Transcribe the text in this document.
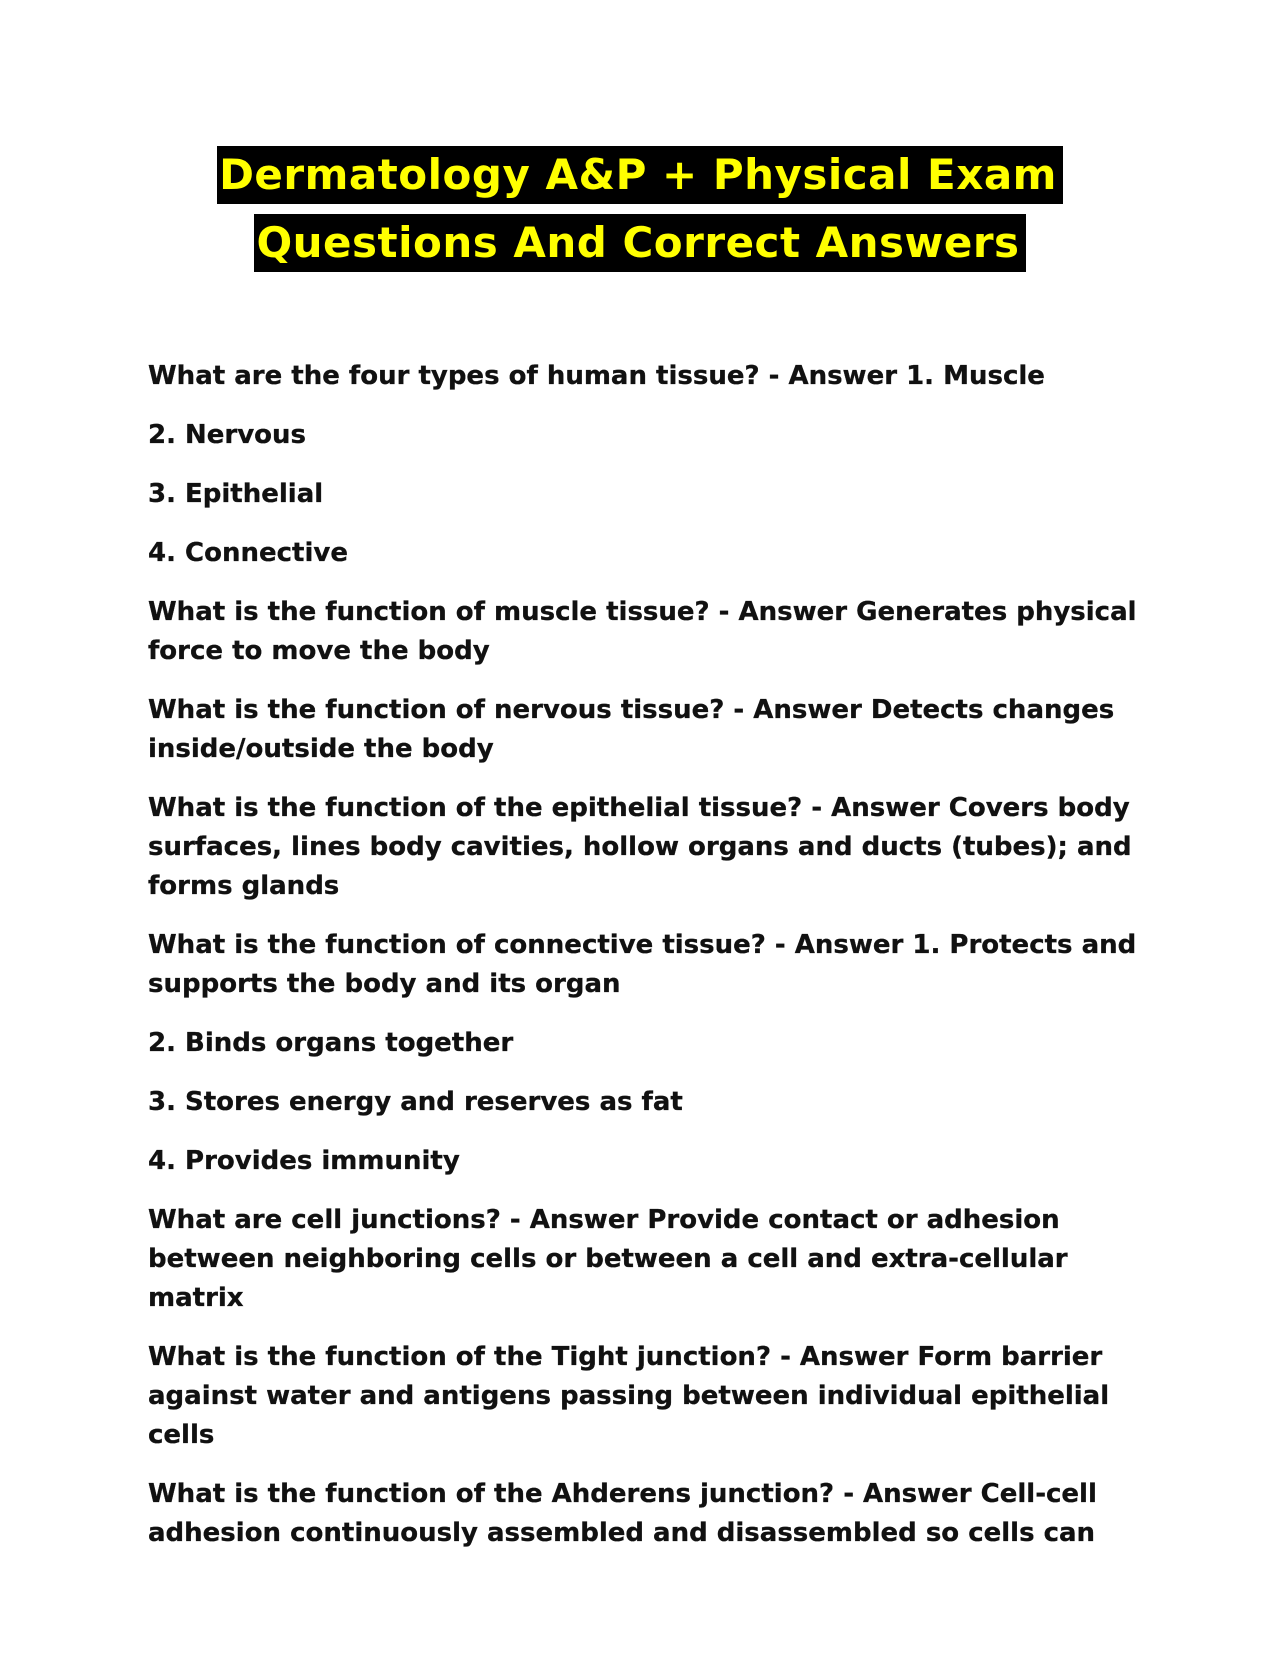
Dermatology A&P + Physical Exam
Questions And Correct Answers

What are the four types of human tissue? - Answer 1. Muscle

2. Nervous

3. Epithelial

4. Connective

What is the function of muscle tissue? - Answer Generates physical force to move the body

What is the function of nervous tissue? - Answer Detects changes inside/outside the body

What is the function of the epithelial tissue? - Answer Covers body surfaces, lines body cavities, hollow organs and ducts (tubes); and forms glands

What is the function of connective tissue? - Answer 1. Protects and supports the body and its organ

2. Binds organs together

3. Stores energy and reserves as fat

4. Provides immunity

What are cell junctions? - Answer Provide contact or adhesion between neighboring cells or between a cell and extra-cellular matrix

What is the function of the Tight junction? - Answer Form barrier against water and antigens passing between individual epithelial cells

What is the function of the Ahderens junction? - Answer Cell-cell adhesion continuously assembled and disassembled so cells can
